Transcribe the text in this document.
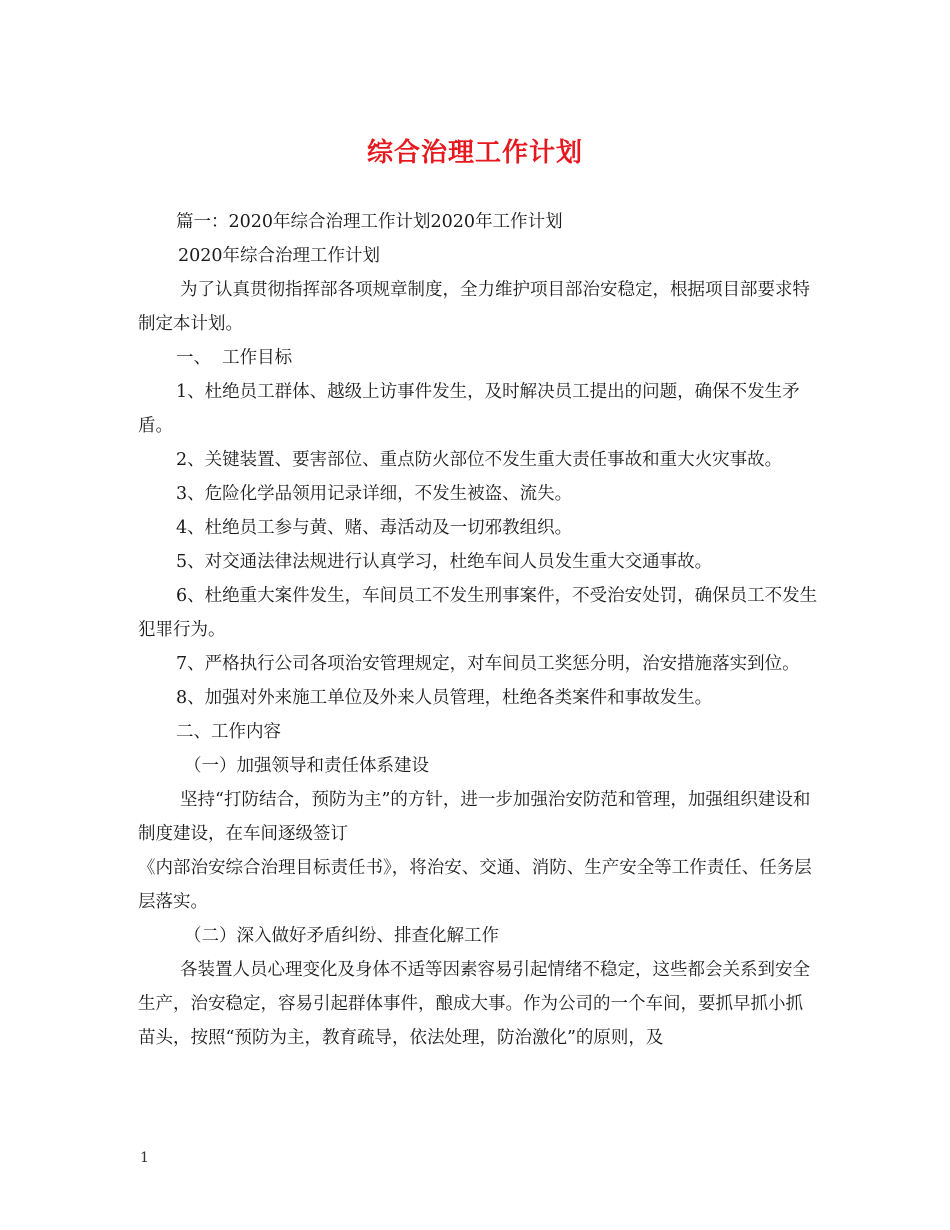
综合治理工作计划

篇一：2020年综合治理工作计划2020年工作计划

2020年综合治理工作计划

为了认真贯彻指挥部各项规章制度，全力维护项目部治安稳定，根据项目部要求特制定本计划。

一、  工作目标

1、杜绝员工群体、越级上访事件发生，及时解决员工提出的问题，确保不发生矛盾。

2、关键装置、要害部位、重点防火部位不发生重大责任事故和重大火灾事故。

3、危险化学品领用记录详细，不发生被盗、流失。

4、杜绝员工参与黄、赌、毒活动及一切邪教组织。

5、对交通法律法规进行认真学习，杜绝车间人员发生重大交通事故。

6、杜绝重大案件发生，车间员工不发生刑事案件，不受治安处罚，确保员工不发生犯罪行为。

7、严格执行公司各项治安管理规定，对车间员工奖惩分明，治安措施落实到位。

8、加强对外来施工单位及外来人员管理，杜绝各类案件和事故发生。

二、工作内容

（一）加强领导和责任体系建设

坚持“打防结合，预防为主”的方针，进一步加强治安防范和管理，加强组织建设和制度建设，在车间逐级签订

《内部治安综合治理目标责任书》，将治安、交通、消防、生产安全等工作责任、任务层层落实。

（二）深入做好矛盾纠纷、排查化解工作

各装置人员心理变化及身体不适等因素容易引起情绪不稳定，这些都会关系到安全生产，治安稳定，容易引起群体事件，酿成大事。作为公司的一个车间，要抓早抓小抓苗头，按照“预防为主，教育疏导，依法处理，防治激化”的原则，及

1
